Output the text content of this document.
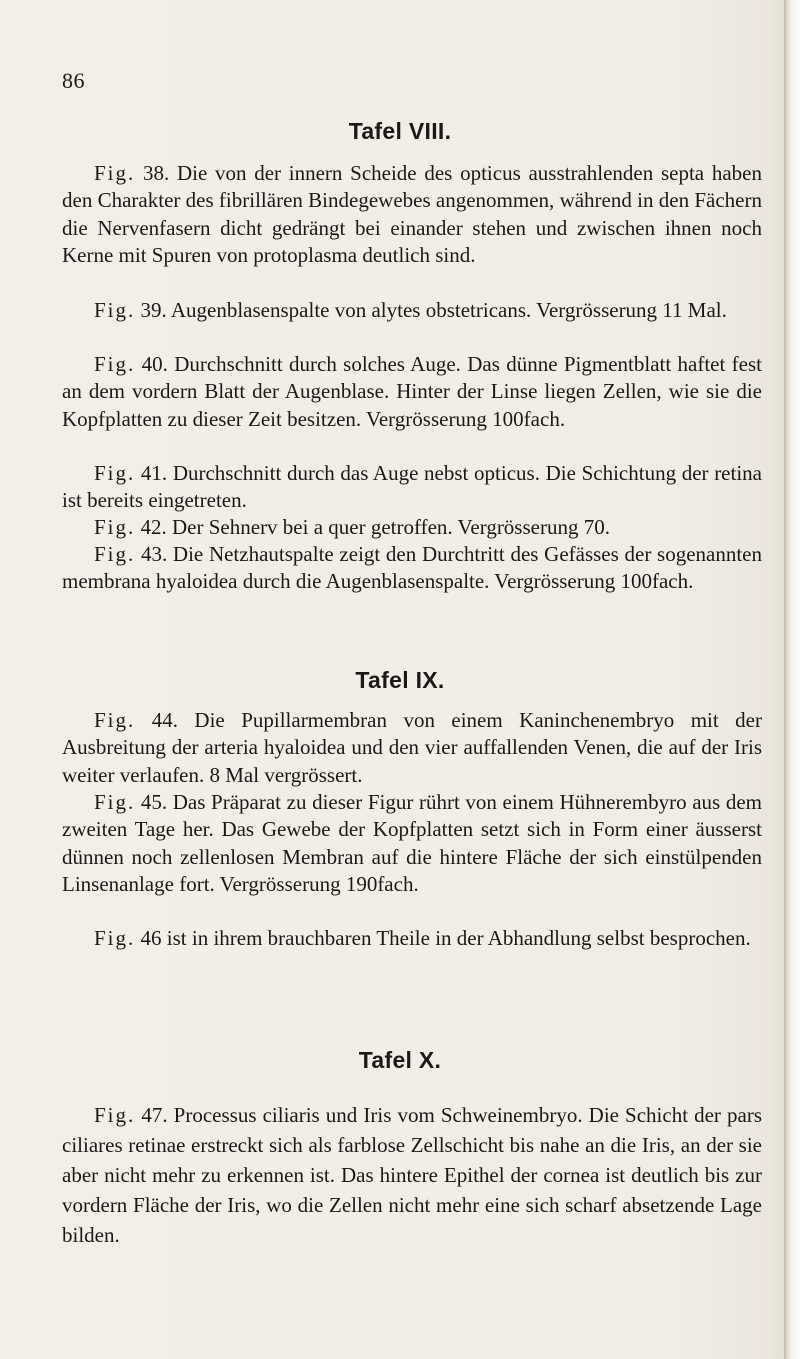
86
Tafel VIII.

Fig. 38. Die von der innern Scheide des opticus ausstrahlenden septa haben den Charakter des fibrillären Bindegewebes angenommen, während in den Fächern die Nervenfasern dicht gedrängt bei einander stehen und zwischen ihnen noch Kerne mit Spuren von protoplasma deutlich sind.

Fig. 39. Augenblasenspalte von alytes obstetricans. Vergrösserung 11 Mal.

Fig. 40. Durchschnitt durch solches Auge. Das dünne Pigmentblatt haftet fest an dem vordern Blatt der Augenblase. Hinter der Linse liegen Zellen, wie sie die Kopfplatten zu dieser Zeit besitzen. Vergrösserung 100fach.

Fig. 41. Durchschnitt durch das Auge nebst opticus. Die Schichtung der retina ist bereits eingetreten.

Fig. 42. Der Sehnerv bei a quer getroffen. Vergrösserung 70.

Fig. 43. Die Netzhautspalte zeigt den Durchtritt des Gefässes der sogenannten membrana hyaloidea durch die Augenblasenspalte. Vergrösserung 100fach.

Tafel IX.

Fig. 44. Die Pupillarmembran von einem Kaninchenembryo mit der Ausbreitung der arteria hyaloidea und den vier auffallenden Venen, die auf der Iris weiter verlaufen. 8 Mal vergrössert.

Fig. 45. Das Präparat zu dieser Figur rührt von einem Hühnerembyro aus dem zweiten Tage her. Das Gewebe der Kopfplatten setzt sich in Form einer äusserst dünnen noch zellenlosen Membran auf die hintere Fläche der sich einstülpenden Linsenanlage fort. Vergrösserung 190fach.

Fig. 46 ist in ihrem brauchbaren Theile in der Abhandlung selbst besprochen.

Tafel X.

Fig. 47. Processus ciliaris und Iris vom Schweinembryo. Die Schicht der pars ciliares retinae erstreckt sich als farblose Zellschicht bis nahe an die Iris, an der sie aber nicht mehr zu erkennen ist. Das hintere Epithel der cornea ist deutlich bis zur vordern Fläche der Iris, wo die Zellen nicht mehr eine sich scharf absetzende Lage bilden.
